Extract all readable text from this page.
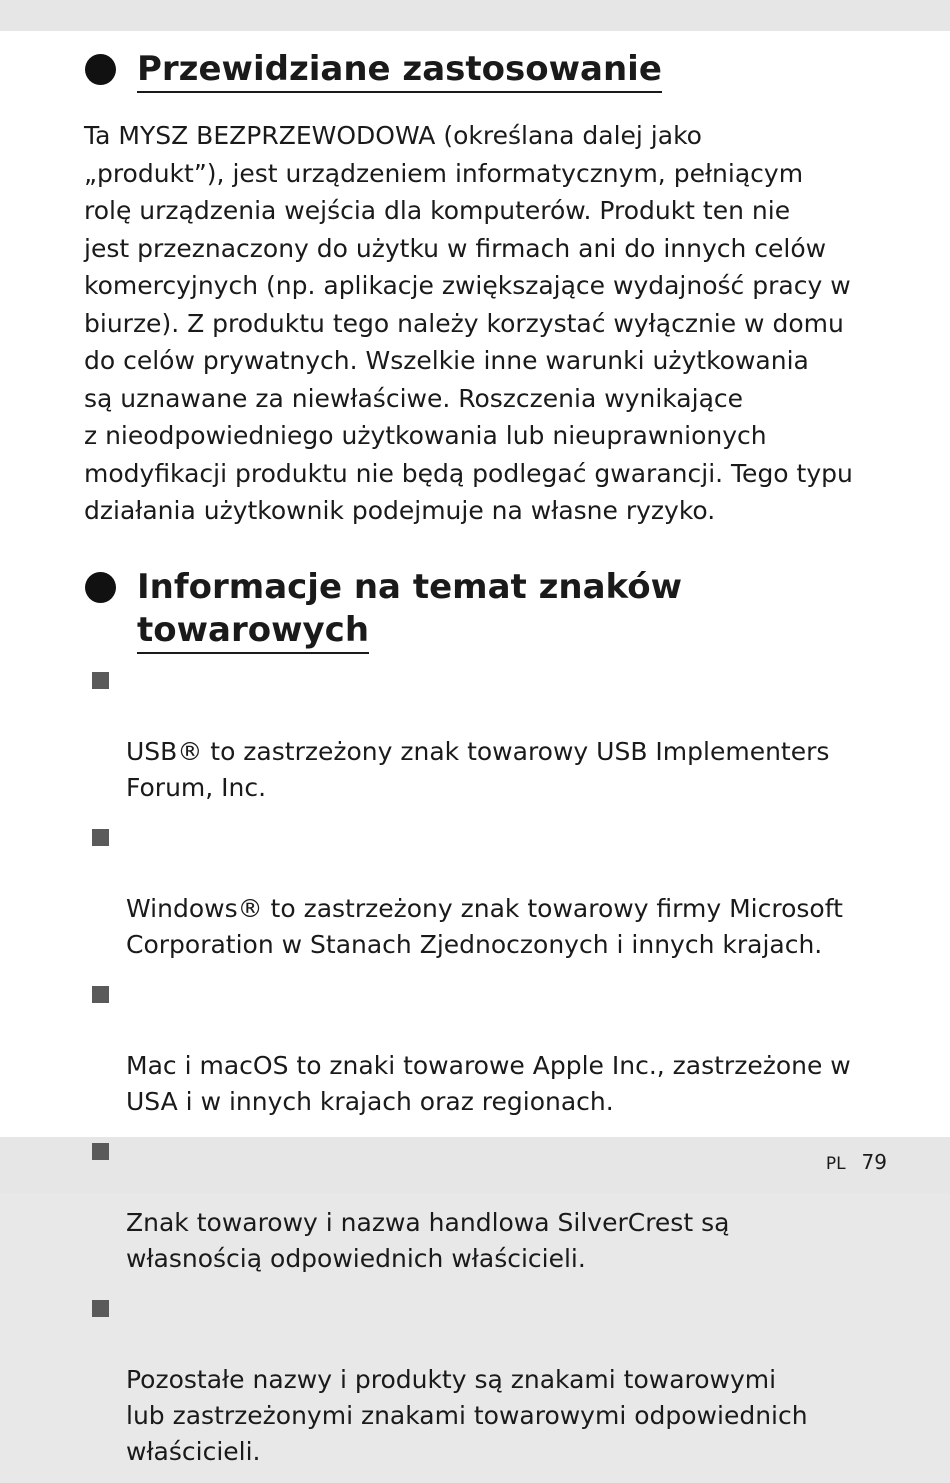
Przewidziane zastosowanie

Ta MYSZ BEZPRZEWODOWA (określana dalej jako
„produkt”), jest urządzeniem informatycznym, pełniącym
rolę urządzenia wejścia dla komputerów. Produkt ten nie
jest przeznaczony do użytku w firmach ani do innych celów
komercyjnych (np. aplikacje zwiększające wydajność pracy w
biurze). Z produktu tego należy korzystać wyłącznie w domu
do celów prywatnych. Wszelkie inne warunki użytkowania
są uznawane za niewłaściwe. Roszczenia wynikające
z nieodpowiedniego użytkowania lub nieuprawnionych
modyfikacji produktu nie będą podlegać gwarancji. Tego typu
działania użytkownik podejmuje na własne ryzyko.

Informacje na temat znaków
towarowych

USB® to zastrzeżony znak towarowy USB Implementers
Forum, Inc.

Windows® to zastrzeżony znak towarowy firmy Microsoft
Corporation w Stanach Zjednoczonych i innych krajach.

Mac i macOS to znaki towarowe Apple Inc., zastrzeżone w
USA i w innych krajach oraz regionach.

Znak towarowy i nazwa handlowa SilverCrest są
własnością odpowiednich właścicieli.

Pozostałe nazwy i produkty są znakami towarowymi
lub zastrzeżonymi znakami towarowymi odpowiednich
właścicieli.

PL 79
